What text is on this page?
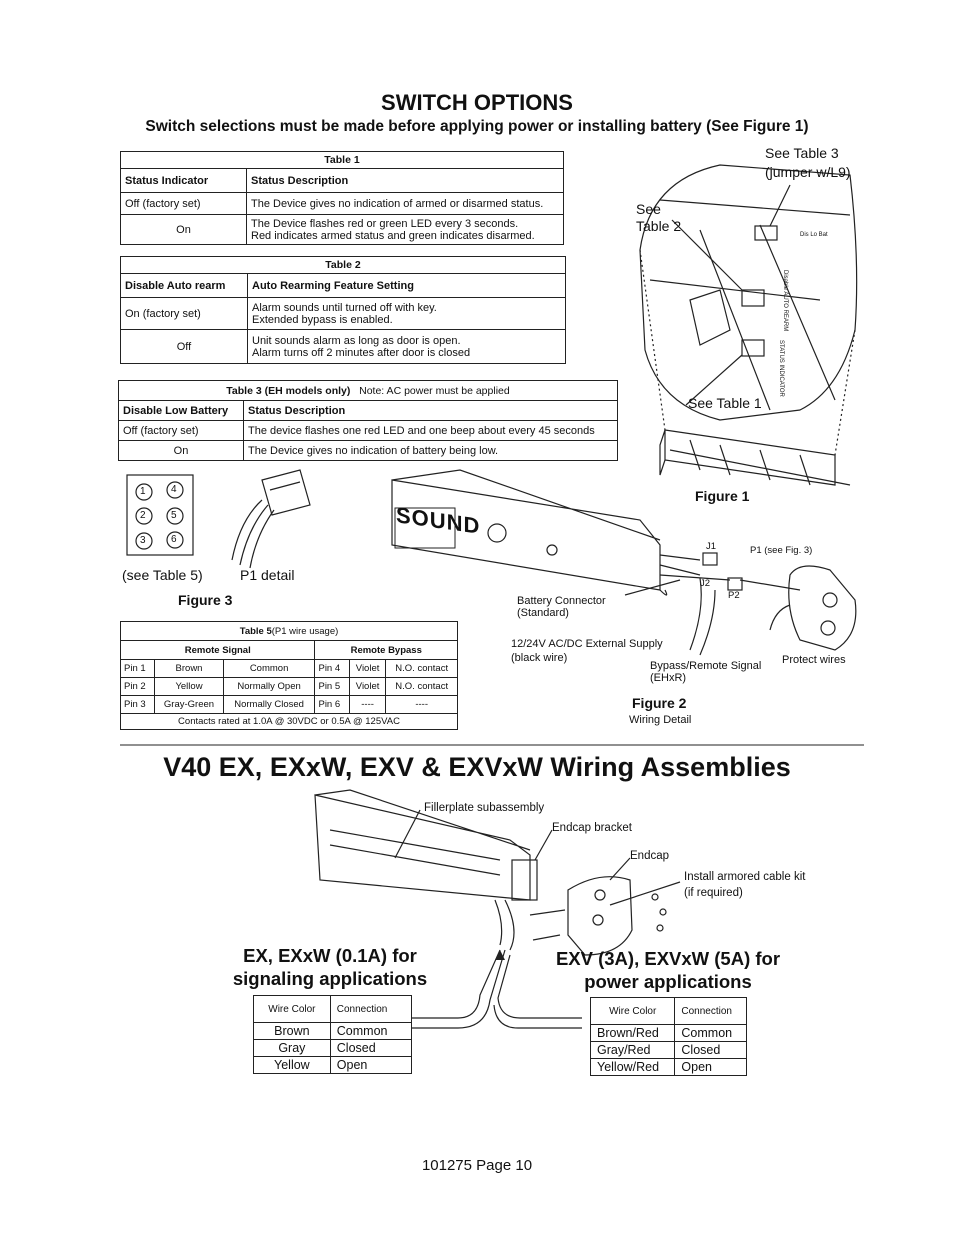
SWITCH OPTIONS
Switch selections must be made before applying power or installing battery (See Figure 1)
Table 1	
Status Indicator	Status Description
Off (factory set)	The Device gives no indication of armed or disarmed status.
On	The Device flashes red or green LED every 3 seconds.
Red indicates armed status and green indicates disarmed.
Table 2	
Disable Auto rearm	Auto Rearming Feature Setting
On (factory set)	Alarm sounds until turned off with key.
Extended bypass is enabled.

Off	Unit sounds alarm as long as door is open.
Alarm turns off 2 minutes after door is closed
Table 3 (EH models only) Note: AC power must be applied	
Disable Low Battery	Status Description
Off (factory set)	The device flashes one red LED and one beep about every 45 seconds
On	The Device gives no indication of battery being low.
See Table 3
(jumper w/L9)
See
Table 2
See Table 1
Dis Lo Bat
Disable AUTO REARM
STATUS INDICATOR
Figure 1
1
2
3
4
5
6
(see Table 5)	P1 detail
Figure 3
Table 5(P1 wire usage)					
Remote Signal			Remote Bypass		
Pin 1	Brown	Common	Pin 4	Violet	N.O. contact
Pin 2	Yellow	Normally Open	Pin 5	Violet	N.O. contact
Pin 3	Gray-Green	Normally Closed	Pin 6	----	----
Contacts rated at 1.0A @ 30VDC or 0.5A @ 125VAC					
SOUND
J1
J2
P1 (see Fig. 3)
P2
Battery Connector
(Standard)
12/24V AC/DC External Supply
(black wire)
Bypass/Remote Signal
(EHxR)
Protect wires
Figure 2
Wiring Detail
V40 EX, EXxW, EXV & EXVxW Wiring Assemblies
Fillerplate subassembly
Endcap bracket
Endcap
Install armored cable kit
(if required)
EX, EXxW (0.1A) for
signaling applications
EXV (3A), EXVxW (5A) for
power applications
Wire Color	Connection
Brown	Common
Gray	Closed
Yellow	Open
Wire Color	Connection
Brown/Red	Common
Gray/Red	Closed
Yellow/Red	Open
101275 Page 10
